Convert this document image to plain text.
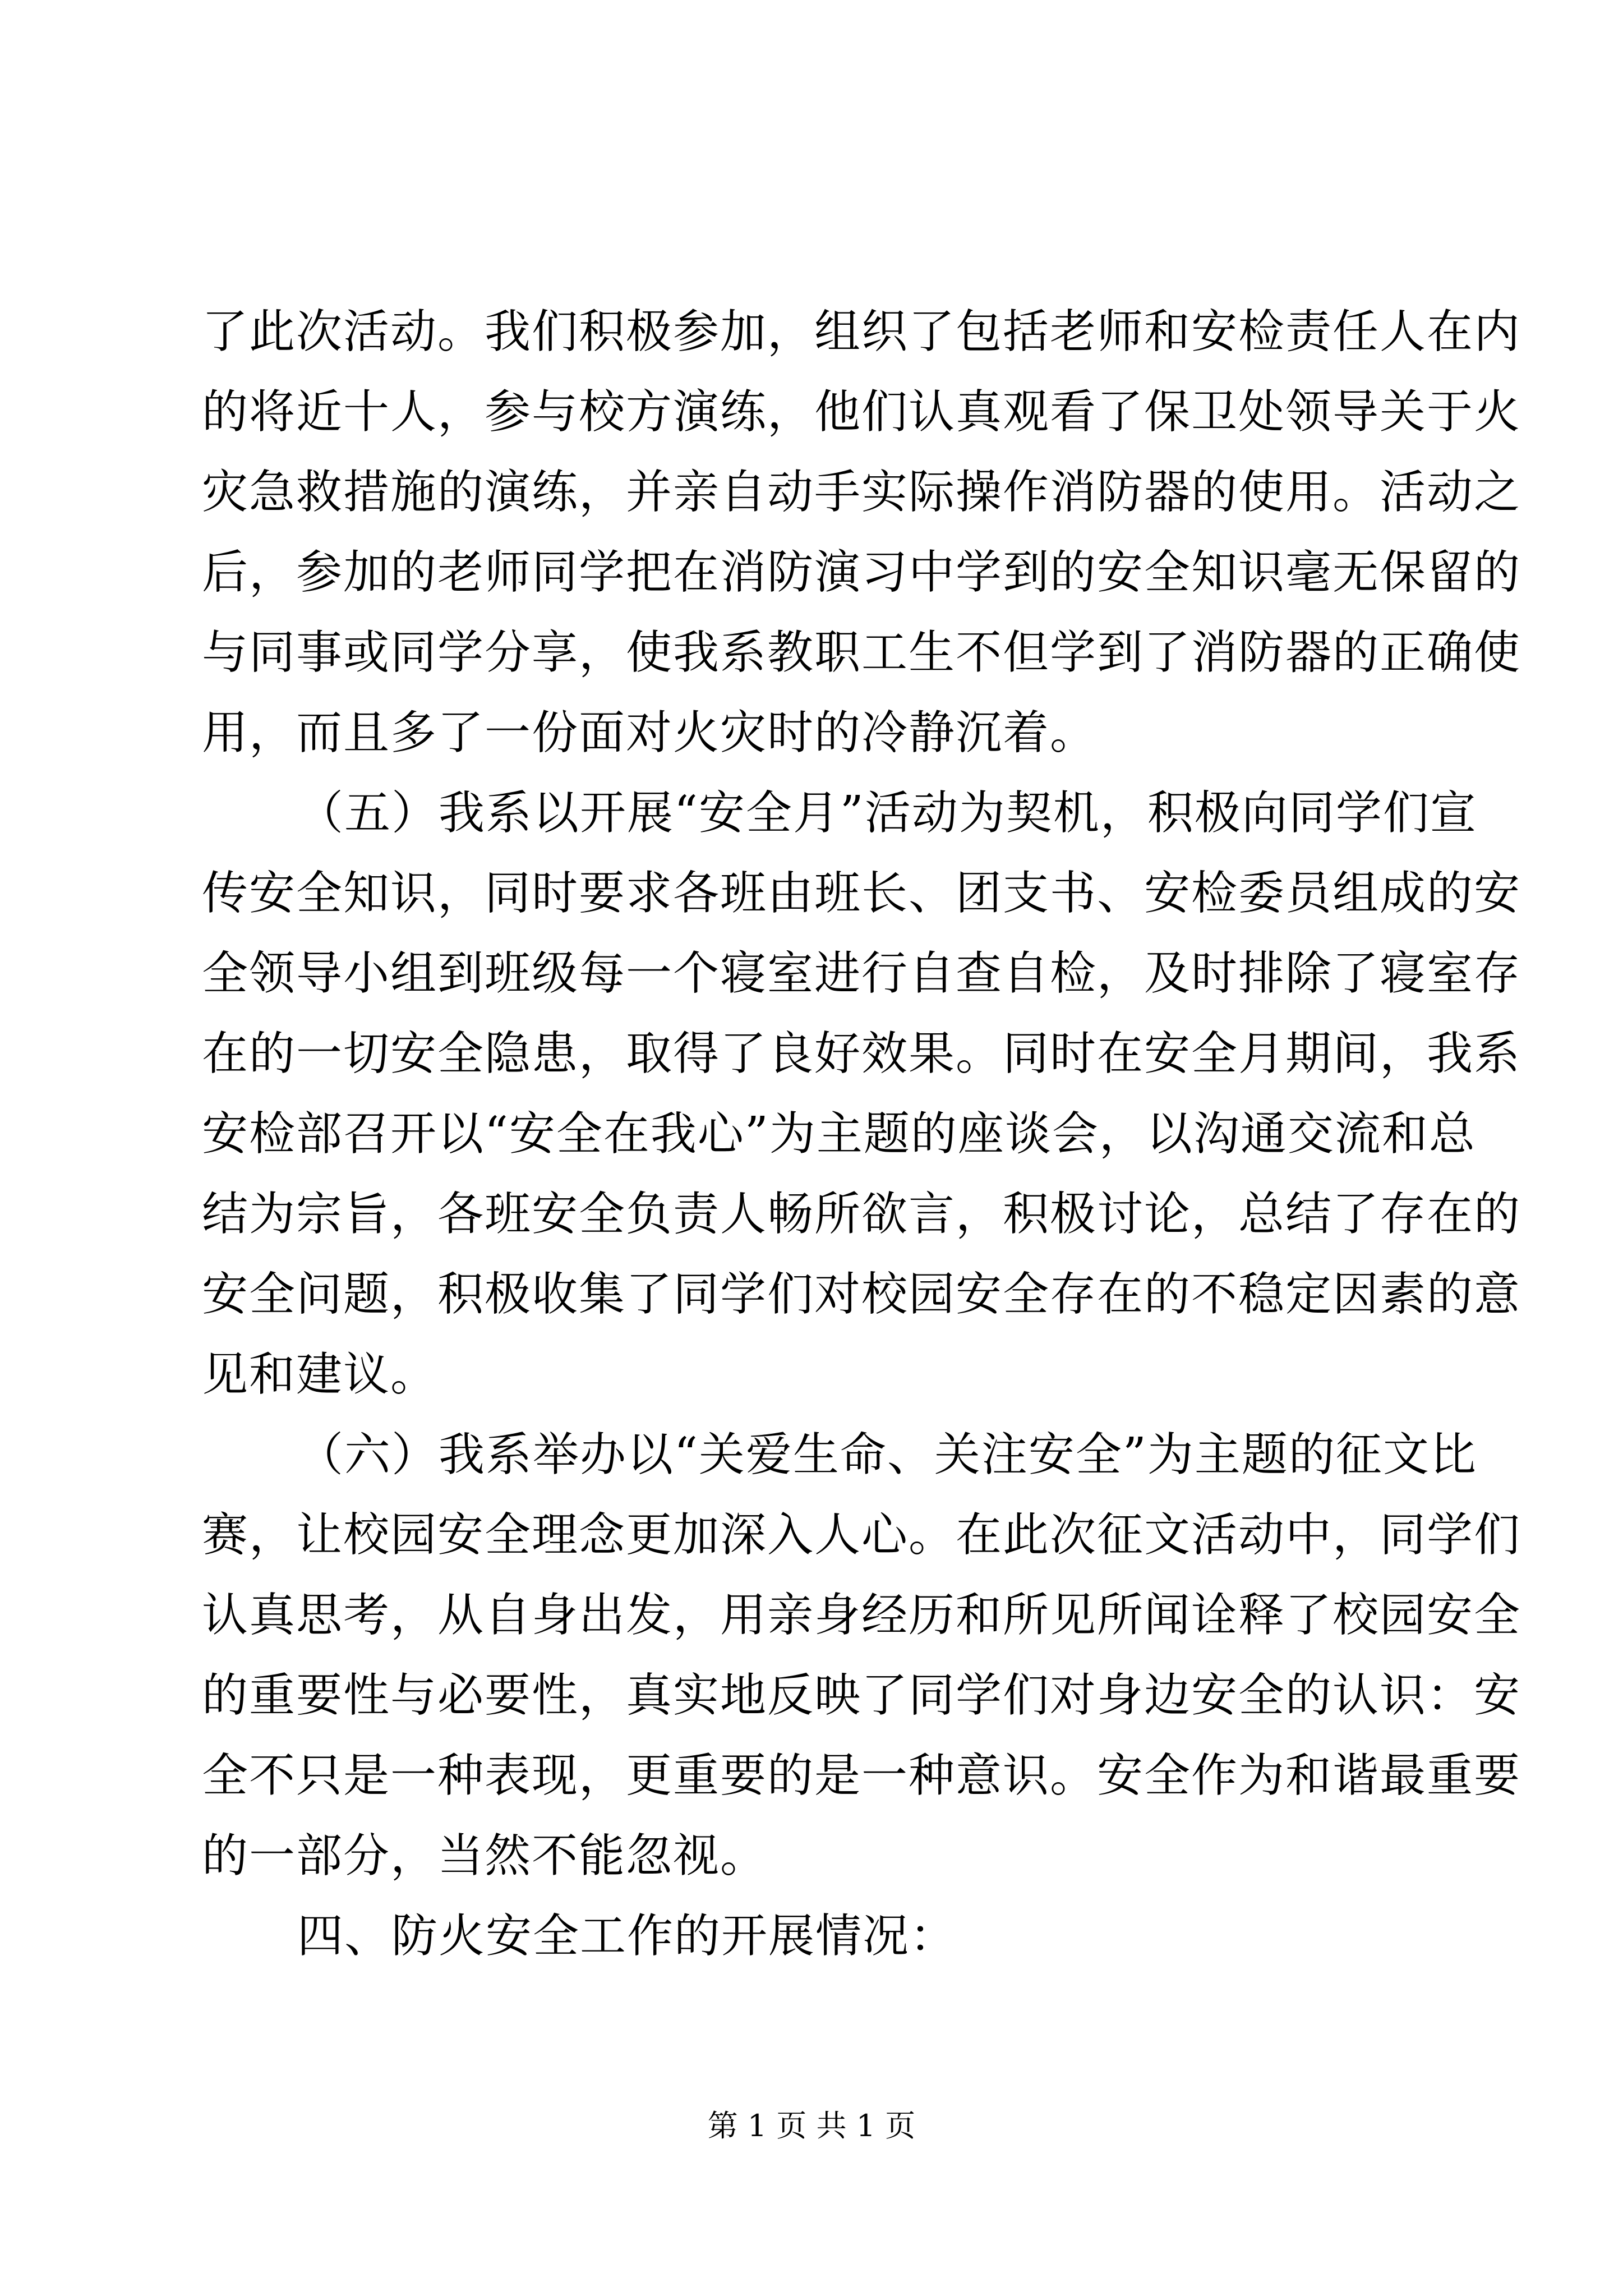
了此次活动。我们积极参加，组织了包括老师和安检责任人在内
的将近十人，参与校方演练，他们认真观看了保卫处领导关于火
灾急救措施的演练，并亲自动手实际操作消防器的使用。活动之
后，参加的老师同学把在消防演习中学到的安全知识毫无保留的
与同事或同学分享，使我系教职工生不但学到了消防器的正确使
用，而且多了一份面对火灾时的冷静沉着。
（五）我系以开展“安全月”活动为契机，积极向同学们宣
传安全知识，同时要求各班由班长、团支书、安检委员组成的安
全领导小组到班级每一个寝室进行自查自检，及时排除了寝室存
在的一切安全隐患，取得了良好效果。同时在安全月期间，我系
安检部召开以“安全在我心”为主题的座谈会，以沟通交流和总
结为宗旨，各班安全负责人畅所欲言，积极讨论，总结了存在的
安全问题，积极收集了同学们对校园安全存在的不稳定因素的意
见和建议。
（六）我系举办以“关爱生命、关注安全”为主题的征文比
赛，让校园安全理念更加深入人心。在此次征文活动中，同学们
认真思考，从自身出发，用亲身经历和所见所闻诠释了校园安全
的重要性与必要性，真实地反映了同学们对身边安全的认识：安
全不只是一种表现，更重要的是一种意识。安全作为和谐最重要
的一部分，当然不能忽视。
四、防火安全工作的开展情况：
第 1 页 共 1 页
